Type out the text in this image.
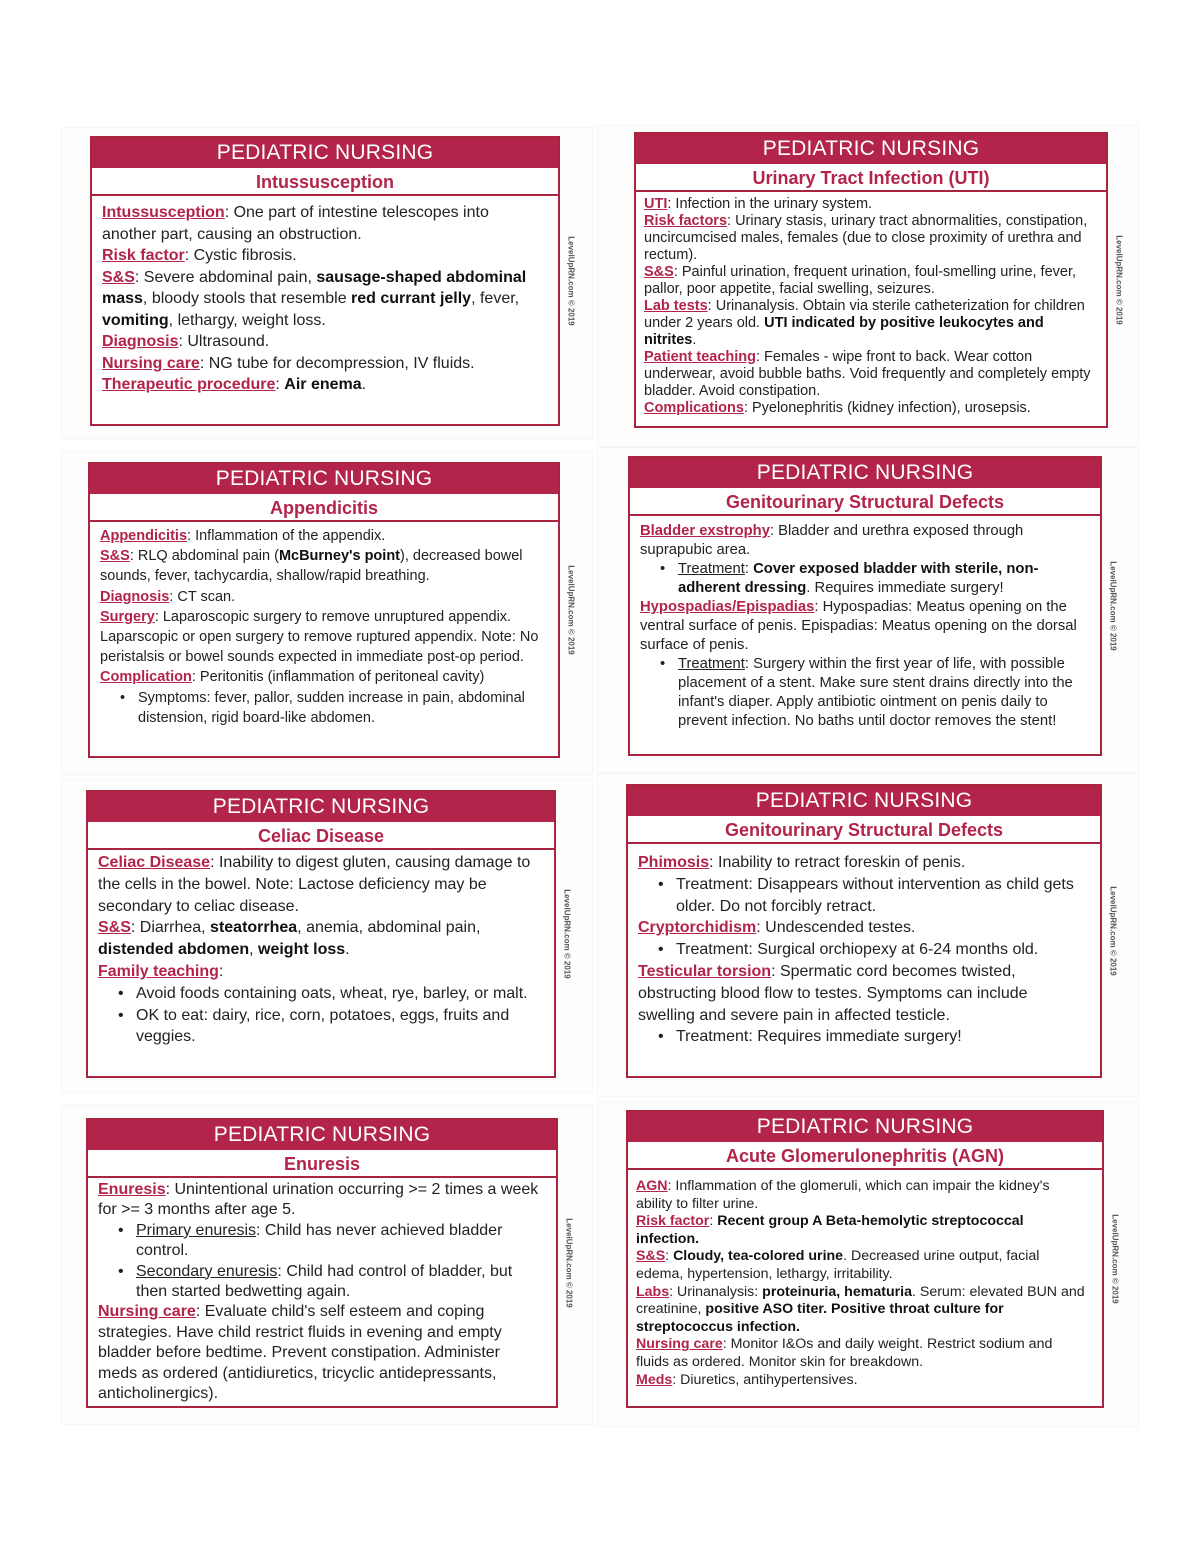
PEDIATRIC NURSING
Intussusception

Intussusception: One part of intestine telescopes into another part, causing an obstruction.

Risk factor: Cystic fibrosis.

S&S: Severe abdominal pain, sausage-shaped abdominal mass, bloody stools that resemble red currant jelly, fever, vomiting, lethargy, weight loss.

Diagnosis: Ultrasound.

Nursing care: NG tube for decompression, IV fluids.

Therapeutic procedure: Air enema.

LevelUpRN.com © 2019
PEDIATRIC NURSING
Urinary Tract Infection (UTI)

UTI: Infection in the urinary system.

Risk factors: Urinary stasis, urinary tract abnormalities, constipation, uncircumcised males, females (due to close proximity of urethra and rectum).

S&S: Painful urination, frequent urination, foul-smelling urine, fever, pallor, poor appetite, facial swelling, seizures.

Lab tests: Urinanalysis. Obtain via sterile catheterization for children under 2 years old. UTI indicated by positive leukocytes and nitrites.

Patient teaching: Females - wipe front to back. Wear cotton underwear, avoid bubble baths. Void frequently and completely empty bladder. Avoid constipation.

Complications: Pyelonephritis (kidney infection), urosepsis.

LevelUpRN.com © 2019
PEDIATRIC NURSING
Appendicitis

Appendicitis: Inflammation of the appendix.

S&S: RLQ abdominal pain (McBurney's point), decreased bowel sounds, fever, tachycardia, shallow/rapid breathing.

Diagnosis: CT scan.

Surgery: Laparoscopic surgery to remove unruptured appendix. Laparscopic or open surgery to remove ruptured appendix. Note: No peristalsis or bowel sounds expected in immediate post-op period.

Complication: Peritonitis (inflammation of peritoneal cavity)

• Symptoms: fever, pallor, sudden increase in pain, abdominal distension, rigid board-like abdomen.
LevelUpRN.com © 2019
PEDIATRIC NURSING
Genitourinary Structural Defects

Bladder exstrophy: Bladder and urethra exposed through suprapubic area.

• Treatment: Cover exposed bladder with sterile, non-adherent dressing. Requires immediate surgery!

Hypospadias/Epispadias: Hypospadias: Meatus opening on the ventral surface of penis. Epispadias: Meatus opening on the dorsal surface of penis.

• Treatment: Surgery within the first year of life, with possible placement of a stent. Make sure stent drains directly into the infant's diaper. Apply antibiotic ointment on penis daily to prevent infection. No baths until doctor removes the stent!
LevelUpRN.com © 2019
PEDIATRIC NURSING
Celiac Disease

Celiac Disease: Inability to digest gluten, causing damage to the cells in the bowel. Note: Lactose deficiency may be secondary to celiac disease.

S&S: Diarrhea, steatorrhea, anemia, abdominal pain, distended abdomen, weight loss.

Family teaching:

• Avoid foods containing oats, wheat, rye, barley, or malt.
• OK to eat: dairy, rice, corn, potatoes, eggs, fruits and veggies.
LevelUpRN.com © 2019
PEDIATRIC NURSING
Genitourinary Structural Defects

Phimosis: Inability to retract foreskin of penis.

• Treatment: Disappears without intervention as child gets older. Do not forcibly retract.

Cryptorchidism: Undescended testes.

• Treatment: Surgical orchiopexy at 6-24 months old.

Testicular torsion: Spermatic cord becomes twisted, obstructing blood flow to testes. Symptoms can include swelling and severe pain in affected testicle.

• Treatment: Requires immediate surgery!
LevelUpRN.com © 2019
PEDIATRIC NURSING
Enuresis

Enuresis: Unintentional urination occurring >= 2 times a week for >= 3 months after age 5.

• Primary enuresis: Child has never achieved bladder control.
• Secondary enuresis: Child had control of bladder, but then started bedwetting again.

Nursing care: Evaluate child's self esteem and coping strategies. Have child restrict fluids in evening and empty bladder before bedtime. Prevent constipation. Administer meds as ordered (antidiuretics, tricyclic antidepressants, anticholinergics).

LevelUpRN.com © 2019
PEDIATRIC NURSING
Acute Glomerulonephritis (AGN)

AGN: Inflammation of the glomeruli, which can impair the kidney's ability to filter urine.

Risk factor: Recent group A Beta-hemolytic streptococcal infection.

S&S: Cloudy, tea-colored urine. Decreased urine output, facial edema, hypertension, lethargy, irritability.

Labs: Urinanalysis: proteinuria, hematuria. Serum: elevated BUN and creatinine, positive ASO titer. Positive throat culture for streptococcus infection.

Nursing care: Monitor I&Os and daily weight. Restrict sodium and fluids as ordered. Monitor skin for breakdown.

Meds: Diuretics, antihypertensives.

LevelUpRN.com © 2019
